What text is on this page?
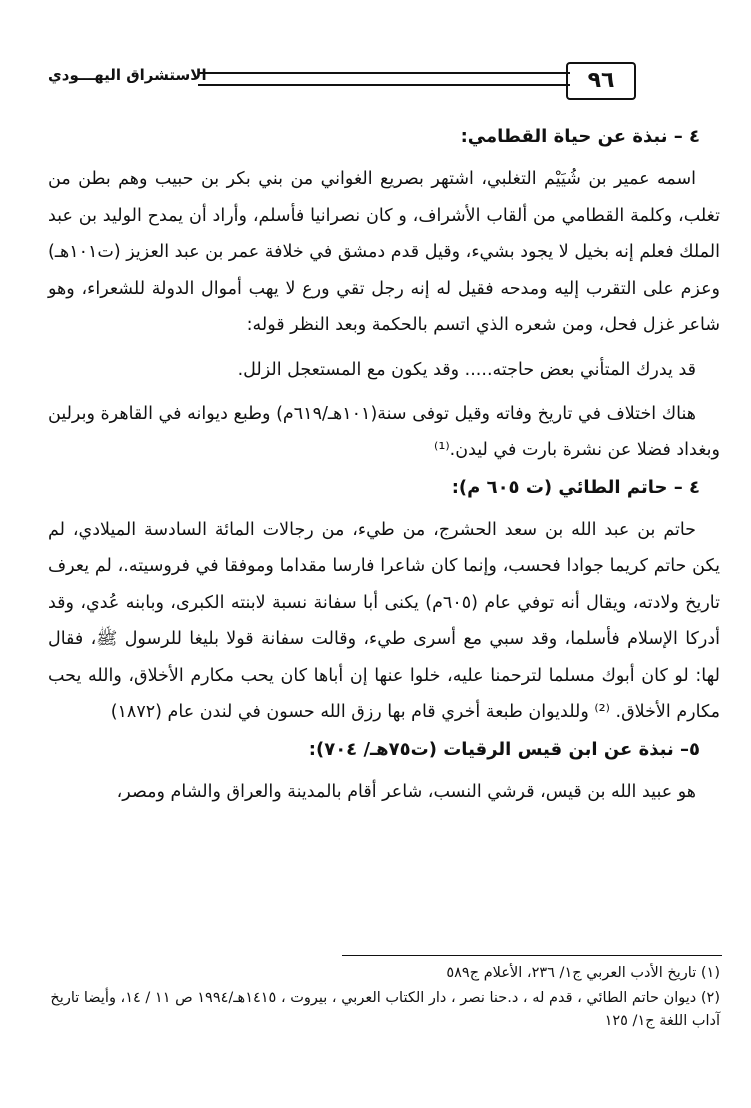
٩٦
الاستشراق اليهـــودي
٤ – نبذة عن حياة القطامي:

اسمه عمير بن شُيَيْم التغلبي، اشتهر بصريع الغواني من بني بكر بن حبيب وهم بطن من تغلب، وكلمة القطامي من ألقاب الأشراف، و كان نصرانيا فأسلم، وأراد أن يمدح الوليد بن عبد الملك فعلم إنه بخيل لا يجود بشيء، وقيل قدم دمشق في خلافة عمر بن عبد العزيز (ت١٠١هـ) وعزم على التقرب إليه ومدحه فقيل له إنه رجل تقي ورع لا يهب أموال الدولة للشعراء، وهو شاعر غزل فحل، ومن شعره الذي اتسم بالحكمة وبعد النظر قوله:

قد يدرك المتأني بعض حاجته..... وقد يكون مع المستعجل الزلل.

هناك اختلاف في تاريخ وفاته وقيل توفى سنة(١٠١هـ/٦١٩م) وطبع ديوانه في القاهرة وبرلين وبغداد فضلا عن نشرة بارت في ليدن.⁽¹⁾

٤ – حاتم الطائي (ت ٦٠٥ م):

حاتم بن عبد الله بن سعد الحشرج، من طيء، من رجالات المائة السادسة الميلادي، لم يكن حاتم كريما جوادا فحسب، وإنما كان شاعرا فارسا مقداما وموفقا في فروسيته.، لم يعرف تاريخ ولادته، ويقال أنه توفي عام (٦٠٥م) يكنى أبا سفانة نسبة لابنته الكبرى، وبابنه عُدي، وقد أدركا الإسلام فأسلما، وقد سبي مع أسرى طيء، وقالت سفانة قولا بليغا للرسول ﷺ، فقال لها: لو كان أبوك مسلما لترحمنا عليه، خلوا عنها إن أباها كان يحب مكارم الأخلاق، والله يحب مكارم الأخلاق. ⁽²⁾ وللديوان طبعة أخري قام بها رزق الله حسون في لندن عام (١٨٧٢)

٥– نبذة عن ابن قيس الرقيات (ت٧٥هـ/ ٧٠٤):

هو عبيد الله بن قيس، قرشي النسب، شاعر أقام بالمدينة والعراق والشام ومصر،

(١) تاريخ الأدب العربي ج١/ ٢٣٦، الأعلام ج٥٨٩

(٢) ديوان حاتم الطائي ، قدم له ، د.حنا نصر ، دار الكتاب العربي ، بيروت ، ١٤١٥هـ/١٩٩٤ ص ١١ / ١٤، وأيضا تاريخ آداب اللغة ج١/ ١٢٥
